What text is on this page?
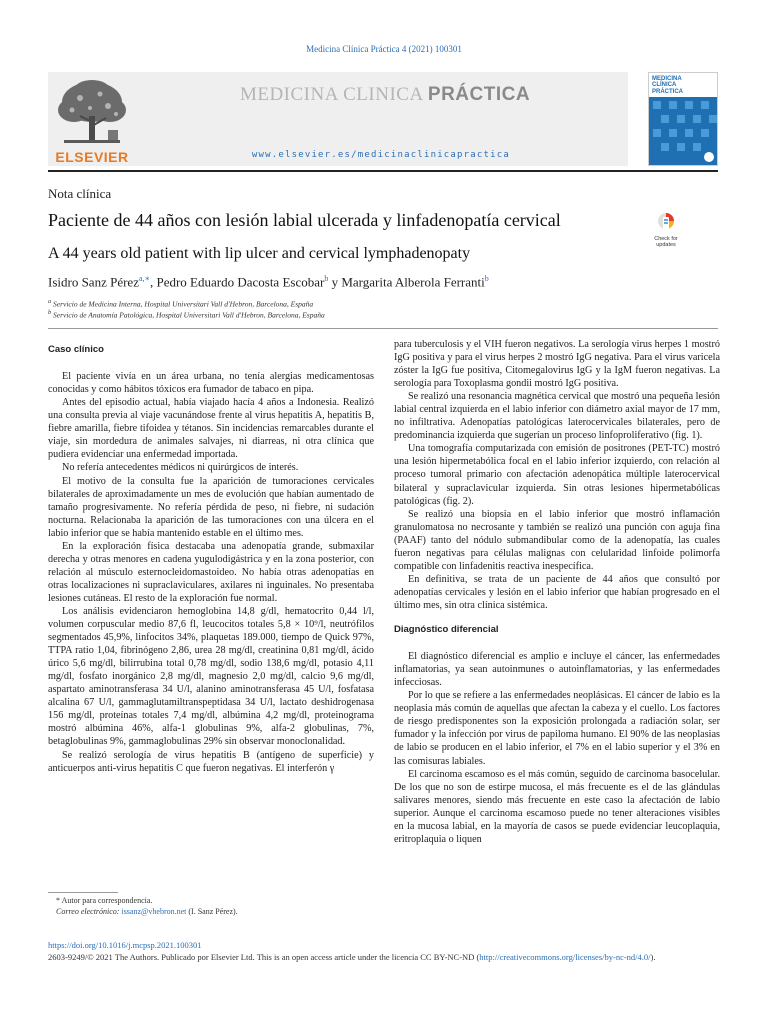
Medicina Clínica Práctica 4 (2021) 100301
ELSEVIER
MEDICINA CLINICA PRÁCTICA
www.elsevier.es/medicinaclinicapractica
MEDICINA CLÍNICA PRÁCTICA
Nota clínica
Paciente de 44 años con lesión labial ulcerada y linfadenopatía cervical
A 44 years old patient with lip ulcer and cervical lymphadenopaty
Check for updates
Isidro Sanz Pérez$^{a,∗}$, Pedro Eduardo Dacosta Escobar$^b$ y Margarita Alberola Ferranti$^b$
$^a$ Servicio de Medicina Interna, Hospital Universitari Vall d'Hebron, Barcelona, España
$^b$ Servicio de Anatomía Patológica, Hospital Universitari Vall d'Hebron, Barcelona, España

Caso clínico

El paciente vivía en un área urbana, no tenía alergias medicamentosas conocidas y como hábitos tóxicos era fumador de tabaco en pipa.

Antes del episodio actual, había viajado hacía 4 años a Indonesia. Realizó una consulta previa al viaje vacunándose frente al virus hepatitis A, hepatitis B, fiebre amarilla, fiebre tifoidea y tétanos. Sin incidencias remarcables durante el viaje, sin mordedura de animales salvajes, ni diarreas, ni otra clínica que pudiera evidenciar una enfermedad importada.

No refería antecedentes médicos ni quirúrgicos de interés.

El motivo de la consulta fue la aparición de tumoraciones cervicales bilaterales de aproximadamente un mes de evolución que habían aumentado de tamaño progresivamente. No refería pérdida de peso, ni fiebre, ni sudación nocturna. Relacionaba la aparición de las tumoraciones con una úlcera en el labio inferior que se había mantenido estable en el último mes.

En la exploración física destacaba una adenopatía grande, submaxilar derecha y otras menores en cadena yugulodigástrica y en la zona posterior, con relación al músculo esternocleidomastoideo. No había otras adenopatías en otras localizaciones ni supraclaviculares, axilares ni inguinales. No presentaba lesiones cutáneas. El resto de la exploración fue normal.

Los análisis evidenciaron hemoglobina 14,8 g/dl, hematocrito 0,44 l/l, volumen corpuscular medio 87,6 fl, leucocitos totales 5,8 × 10⁹/l, neutrófilos segmentados 45,9%, linfocitos 34%, plaquetas 189.000, tiempo de Quick 97%, TTPA ratio 1,04, fibrinógeno 2,86, urea 28 mg/dl, creatinina 0,81 mg/dl, ácido úrico 5,6 mg/dl, bilirrubina total 0,78 mg/dl, sodio 138,6 mg/dl, potasio 4,11 mg/dl, fosfato inorgánico 2,8 mg/dl, magnesio 2,0 mg/dl, calcio 9,6 mg/dl, aspartato aminotransferasa 34 U/l, alanino aminotransferasa 45 U/l, fosfatasa alcalina 67 U/l, gammaglutamiltranspeptidasa 34 U/l, lactato deshidrogenasa 156 mg/dl, proteínas totales 7,4 mg/dl, albúmina 4,2 mg/dl, proteinograma mostró albúmina 46%, alfa-1 globulinas 9%, alfa-2 globulinas, 7%, betaglobulinas 9%, gammaglobulinas 29% sin observar monoclonalidad.

Se realizó serología de virus hepatitis B (antígeno de superficie) y anticuerpos anti-virus hepatitis C que fueron negativas. El interferón γ

para tuberculosis y el VIH fueron negativos. La serología virus herpes 1 mostró IgG positiva y para el virus herpes 2 mostró IgG negativa. Para el virus varicela zóster la IgG fue positiva, Citomegalovirus IgG y la IgM fueron negativas. La serología para Toxoplasma gondii mostró IgG positiva.

Se realizó una resonancia magnética cervical que mostró una pequeña lesión labial central izquierda en el labio inferior con diámetro axial mayor de 17 mm, no infiltrativa. Adenopatías patológicas laterocervicales bilaterales, pero de predominancia izquierda que sugerían un proceso linfoproliferativo (fig. 1).

Una tomografía computarizada con emisión de positrones (PET-TC) mostró una lesión hipermetabólica focal en el labio inferior izquierdo, con relación al proceso tumoral primario con afectación adenopática múltiple laterocervical bilateral y supraclavicular izquierda. Sin otras lesiones hipermetabólicas patológicas (fig. 2).

Se realizó una biopsia en el labio inferior que mostró inflamación granulomatosa no necrosante y también se realizó una punción con aguja fina (PAAF) tanto del nódulo submandibular como de la adenopatía, las cuales fueron negativas para células malignas con celularidad linfoide polimorfa compatible con linfadenitis reactiva inespecífica.

En definitiva, se trata de un paciente de 44 años que consultó por adenopatías cervicales y lesión en el labio inferior que habían progresado en el último mes, sin otra clínica sistémica.

Diagnóstico diferencial

El diagnóstico diferencial es amplio e incluye el cáncer, las enfermedades inflamatorias, ya sean autoinmunes o autoinflamatorias, y las enfermedades infecciosas.

Por lo que se refiere a las enfermedades neoplásicas. El cáncer de labio es la neoplasia más común de aquellas que afectan la cabeza y el cuello. Los factores de riesgo predisponentes son la exposición prolongada a radiación solar, ser fumador y la infección por virus de papiloma humano. El 90% de las neoplasias de labio se producen en el labio inferior, el 7% en el labio superior y el 3% en las comisuras labiales.

El carcinoma escamoso es el más común, seguido de carcinoma basocelular. De los que no son de estirpe mucosa, el más frecuente es el de las glándulas salivares menores, siendo más frecuente en este caso la afectación de labio superior. Aunque el carcinoma escamoso puede no tener alteraciones visibles en la mucosa labial, en la mayoría de casos se puede evidenciar leucoplaquia, eritroplaquia o liquen

* Autor para correspondencia.
Correo electrónico: issanz@vhebron.net (I. Sanz Pérez).
https://doi.org/10.1016/j.mcpsp.2021.100301
2603-9249/© 2021 The Authors. Publicado por Elsevier Ltd. This is an open access article under the licencia CC BY-NC-ND (http://creativecommons.org/licenses/by-nc-nd/4.0/).
